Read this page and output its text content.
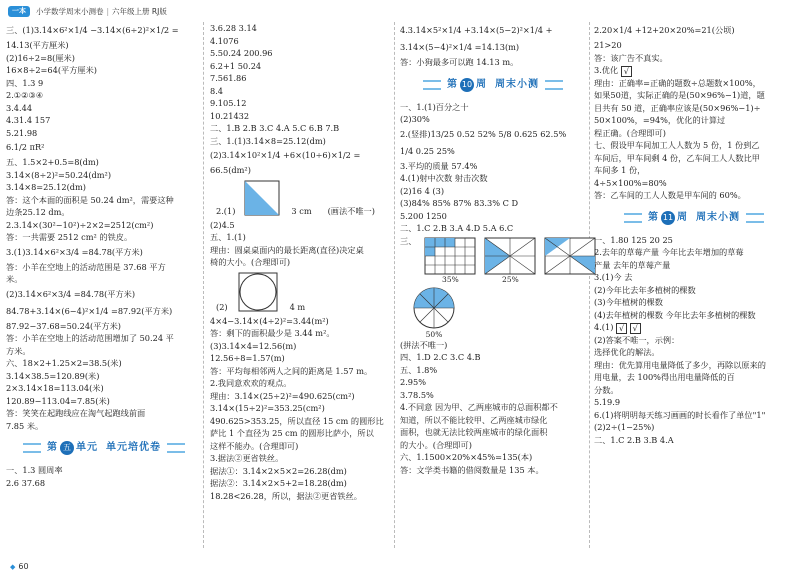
一本	小学数学周末小测卷 | 六年级上册 RJ版

三、(1)3.14×6²×1/4 −3.14×(6÷2)²×1/2 =

14.13(平方厘米)

(2)16÷2=8(厘米)

16×8÷2=64(平方厘米)

四、1.3 9

2.①②③④

3.4.44

4.31.4 157

5.21.98

6.1/2 πR²

五、1.5×2+0.5=8(dm)

3.14×(8÷2)²=50.24(dm²)

3.14×8=25.12(dm)

答：这个本面的面积是 50.24 dm²，需要这种

边条25.12 dm。

2.3.14×(30²−10²)÷2×2=2512(cm²)

答：一共需要 2512 cm² 的铁皮。

3.(1)3.14×6²×3/4 =84.78(平方米)

答：小羊在空地上的活动范围是 37.68 平方

米。

(2)3.14×6²×3/4 =84.78(平方米)

84.78+3.14×(6−4)²×1/4 =87.92(平方米)

87.92−37.68=50.24(平方米)

答：小羊在空地上的活动范围增加了 50.24 平

方米。

六、18×2+1.25×2=38.5(米)

3.14×38.5=120.89(米)

2×3.14×18=113.04(米)

120.89−113.04=7.85(米)

答：笑笑在起跑线应在淘气起跑线前面

7.85 米。

第 五 单元 单元培优卷

一、1.3 圆周率

2.6 37.68

3.6.28 3.14

4.1076

5.50.24 200.96

6.2+1 50.24

7.561.86

8.4

9.105.12

10.21432

二、1.B 2.B 3.C 4.A 5.C 6.B 7.B

三、1.(1)3.14×8=25.12(dm)

(2)3.14×10²×1/4 +6×(10÷6)×1/2 =

66.5(dm²)

2.(1)	3 cm (画法不唯一)

(2)4.5

五、1.(1)

理由：圆桌桌面内的最长距离(直径)决定桌

椅的大小。(合理即可)

(2)	4 m

4×4−3.14×(4÷2)²=3.44(m²)

答：剩下的面积最少是 3.44 m²。

(3)3.14×4=12.56(m)

12.56÷8=1.57(m)

答：平均每相邻两人之间的距离是 1.57 m。

2.我同意欢欢的观点。

理由：3.14×(25÷2)²=490.625(cm²)

3.14×(15÷2)²=353.25(cm²)

490.625>353.25，所以直径 15 cm 的圆形比

萨比 1 个直径为 25 cm 的圆形比萨小，所以

这样不能办。(合理即可)

3.据法②更省铁丝。

据法①：3.14×2×5×2=26.28(dm)

据法②：3.14×2×5+2=18.28(dm)

18.28<26.28，所以，据法②更省铁丝。

4.3.14×5²×1/4 +3.14×(5−2)²×1/4 +

3.14×(5−4)²×1/4 =14.13(m)

答：小狗最多可以跑 14.13 m。

第 10 周 周末小测

一、1.(1)百分之十

(2)30%

2.(竖排)13/25 0.52 52% 5/8 0.625 62.5%

1/4 0.25 25%

3.平均的质量 57.4%

4.(1)射中次数 射击次数

(2)16 4 (3)

(3)84% 85% 87% 83.3% C D

5.200 1250

二、1.C 2.B 3.A 4.D 5.A 6.C

三、
35%	25%
50%

(拼法不唯一)

四、1.D 2.C 3.C 4.B

五、1.8%

2.95%

3.78.5%

4.不同意 因为甲、乙两座城市的总面积都不

知道，所以不能比较甲、乙两座城市绿化

面积，也就无法比较两座城市的绿化面积

的大小。(合理即可)

六、1.1500×20%×45%=135(本)

答：文学类书籍的借阅数量是 135 本。

2.20×1/4 +12+20×20%=21(公顷)

21>20

答：该广告不真实。

3.优化 √

理由：正确率=正确的题数÷总题数×100%，

如果50道，实际正确的是(50×96%−1)道，题

目共有 50 道，正确率应该是(50×96%−1)÷

50×100%，=94%，优化的计算过

程正确。(合理即可)

七、假设甲车间加工人人数为 5 份，1 份到乙

车间后，甲车间剩 4 份，乙车间工人人数比甲

车间多 1 份，

4÷5×100%=80%

答：乙车间的工人人数是甲车间的 60%。

第 11 周 周末小测

一、1.80 125 20 25

2.去年的草莓产量 今年比去年增加的草莓

产量 去年的草莓产量

3.(1)今 去

(2)今年比去年多植树的棵数

(3)今年植树的棵数

(4)去年植树的棵数 今年比去年多植树的棵数

4.(1) √ √

(2)答案不唯一，示例：

选择优化的解法。

理由：优先算用电量降低了多少，再除以原来的

用电量，去 100%得出用电量降低的百

分数。

5.19.9

6.(1)将明明每天练习画画的时长看作了单位"1"

(2)2÷(1−25%)

二、1.C 2.B 3.B 4.A

◆ 60
